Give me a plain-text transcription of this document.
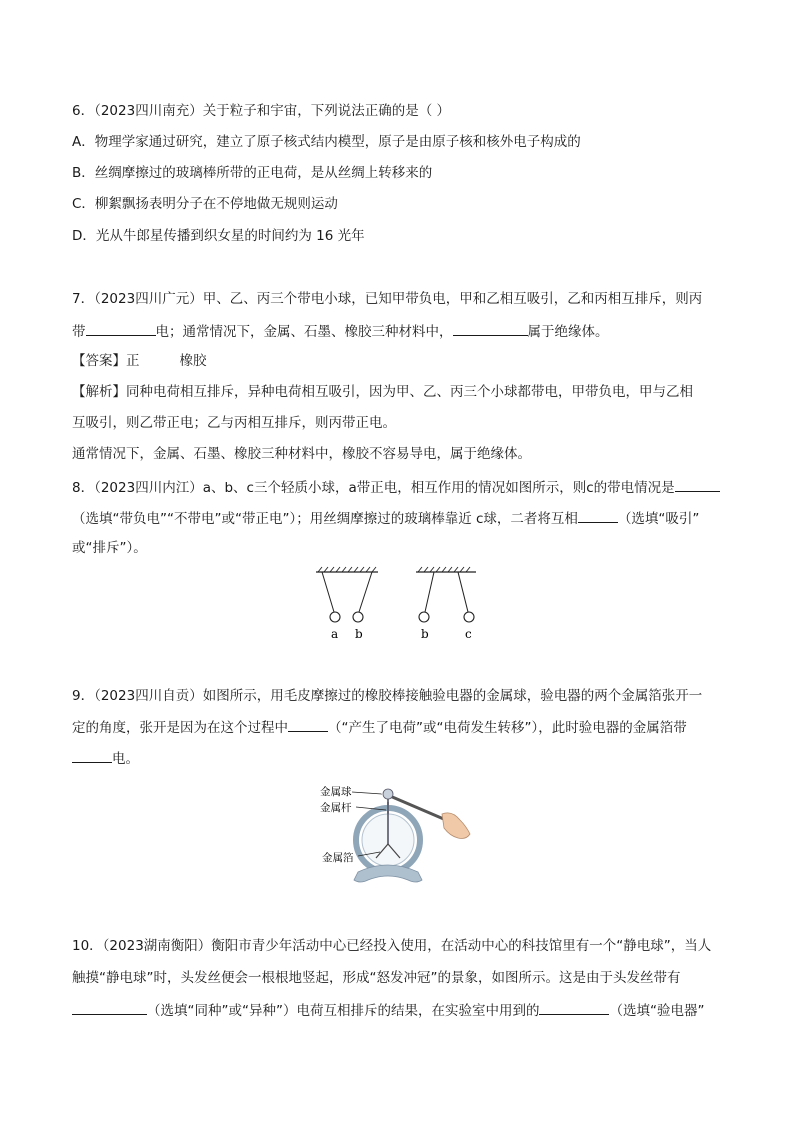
6．（2023四川南充）关于粒子和宇宙，下列说法正确的是（ ）
A．物理学家通过研究，建立了原子核式结内模型，原子是由原子核和核外电子构成的
B．丝绸摩擦过的玻璃棒所带的正电荷，是从丝绸上转移来的
C．柳絮飘扬表明分子在不停地做无规则运动
D．光从牛郎星传播到织女星的时间约为 16 光年
7．（2023四川广元）甲、乙、丙三个带电小球，已知甲带负电，甲和乙相互吸引，乙和丙相互排斥，则丙
带	电；通常情况下，金属、石墨、橡胶三种材料中，	属于绝缘体。
【答案】正	橡胶
【解析】同种电荷相互排斥，异种电荷相互吸引，因为甲、乙、丙三个小球都带电，甲带负电，甲与乙相
互吸引，则乙带正电；乙与丙相互排斥，则丙带正电。
通常情况下，金属、石墨、橡胶三种材料中，橡胶不容易导电，属于绝缘体。
8．（2023四川内江）a、b、c三个轻质小球，a带正电，相互作用的情况如图所示，则c的带电情况是
（选填“带负电”“不带电”或“带正电”）；用丝绸摩擦过的玻璃棒靠近 c球，二者将互相	（选填“吸引”
或“排斥”）。
a b	b	c
9．（2023四川自贡）如图所示，用毛皮摩擦过的橡胶棒接触验电器的金属球，验电器的两个金属箔张开一
定的角度，张开是因为在这个过程中	（“产生了电荷”或“电荷发生转移”），此时验电器的金属箔带
电。
金属球
金属杆
金属箔
10．（2023湖南衡阳）衡阳市青少年活动中心已经投入使用，在活动中心的科技馆里有一个“静电球”，当人
触摸“静电球”时，头发丝便会一根根地竖起，形成“怒发冲冠”的景象，如图所示。这是由于头发丝带有
（选填“同种”或“异种”）电荷互相排斥的结果，在实验室中用到的	（选填“验电器”
